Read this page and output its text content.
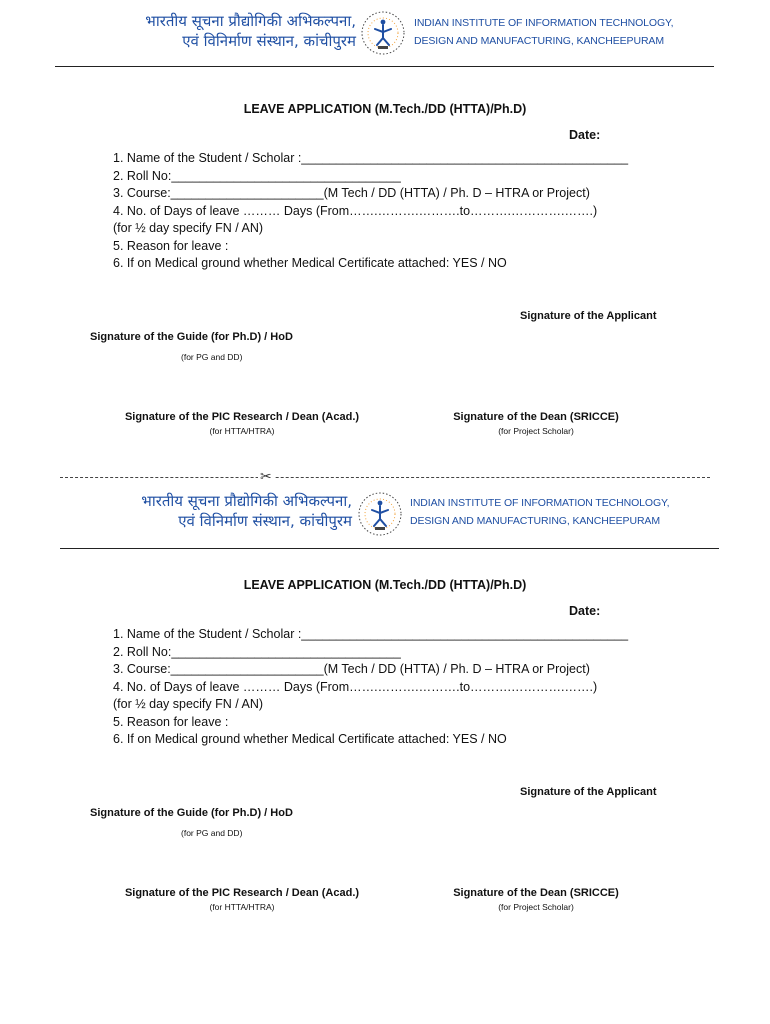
भारतीय सूचना प्रौद्योगिकी अभिकल्पना,
एवं विनिर्माण संस्थान, कांचीपुरम
INDIAN INSTITUTE OF INFORMATION TECHNOLOGY,
DESIGN AND MANUFACTURING, KANCHEEPURAM
LEAVE APPLICATION (M.Tech./DD (HTTA)/Ph.D)
Date:
1. Name of the Student / Scholar :_______________________________________________
2. Roll No:_________________________________
3. Course:______________________(M Tech / DD (HTTA) / Ph. D – HTRA or Project)
4. No. of Days of leave ……… Days (From…….……….……….to……….………….…….)
(for ½ day specify FN / AN)
5. Reason for leave :
6. If on Medical ground whether Medical Certificate attached: YES / NO
Signature of the Applicant
Signature of the Guide (for Ph.D) / HoD
(for PG and DD)
Signature of the PIC Research / Dean (Acad.)
(for HTTA/HTRA)
Signature of the Dean (SRICCE)
(for Project Scholar)
✂
भारतीय सूचना प्रौद्योगिकी अभिकल्पना,
एवं विनिर्माण संस्थान, कांचीपुरम
INDIAN INSTITUTE OF INFORMATION TECHNOLOGY,
DESIGN AND MANUFACTURING, KANCHEEPURAM
LEAVE APPLICATION (M.Tech./DD (HTTA)/Ph.D)
Date:
1. Name of the Student / Scholar :_______________________________________________
2. Roll No:_________________________________
3. Course:______________________(M Tech / DD (HTTA) / Ph. D – HTRA or Project)
4. No. of Days of leave ……… Days (From…….……….……….to……….………….…….)
(for ½ day specify FN / AN)
5. Reason for leave :
6. If on Medical ground whether Medical Certificate attached: YES / NO
Signature of the Applicant
Signature of the Guide (for Ph.D) / HoD
(for PG and DD)
Signature of the PIC Research / Dean (Acad.)
(for HTTA/HTRA)
Signature of the Dean (SRICCE)
(for Project Scholar)
